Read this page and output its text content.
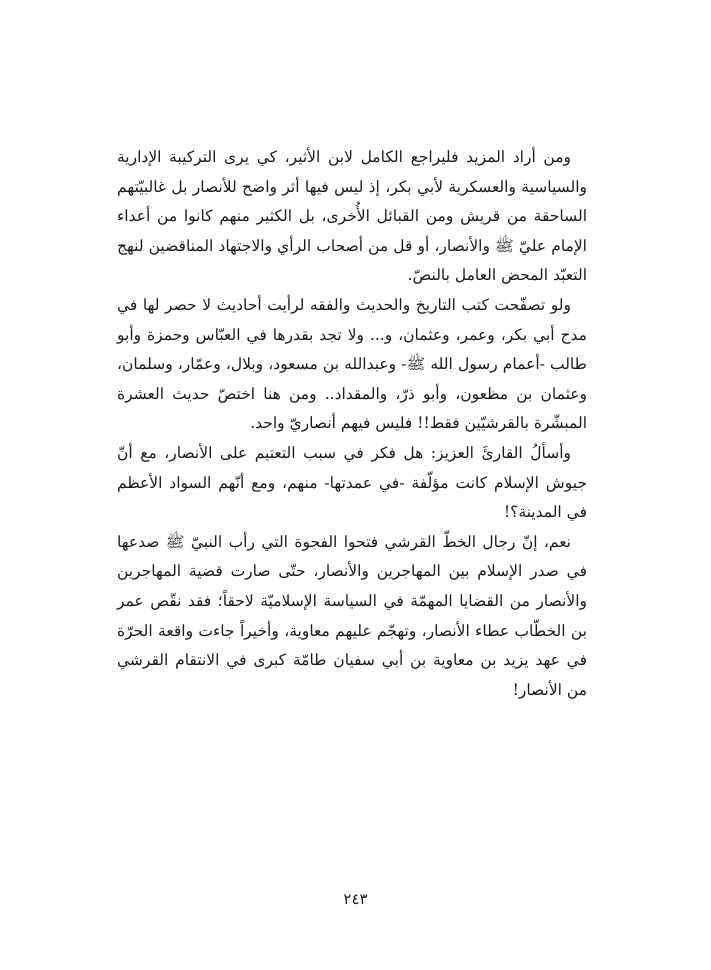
ومن أراد المزيد فليراجع الكامل لابن الأثير، كي يرى التركيبة الإدارية والسياسية والعسكرية لأبي بكر، إذ ليس فيها أثر واضح للأنصار بل غالبيّتهم الساحقة من قريش ومن القبائل الأُخرى، بل الكثير منهم كانوا من أعداء الإمام عليّ ﷺ والأنصار، أو قل من أصحاب الرأي والاجتهاد المناقضين لنهج التعبّد المحض العامل بالنصّ.

ولو تصفّحت كتب التاريخ والحديث والفقه لرأيت أحاديث لا حصر لها في مدح أبي بكر، وعمر، وعثمان، و... ولا تجد بقدرها في العبّاس وحمزة وأبو طالب -أعمام رسول الله ﷺ- وعبدالله بن مسعود، وبلال، وعمّار، وسلمان، وعثمان بن مظعون، وأبو ذرّ، والمقداد.. ومن هنا اختصّ حديث العشرة المبشّرة بالقرشيّين فقط!! فليس فيهم أنصاريّ واحد.

وأسألُ القارئَ العزيز: هل فكر في سبب التعتيم على الأنصار، مع أنّ جيوش الإسلام كانت مؤلّفة -في عمدتها- منهم، ومع أنّهم السواد الأعظم في المدينة؟!

نعم، إنّ رجال الخطّ القرشي فتحوا الفجوة التي رأب النبيّ ﷺ صدعها في صدر الإسلام بين المهاجرين والأنصار، حتّى صارت قضية المهاجرين والأنصار من القضايا المهمّة في السياسة الإسلاميّة لاحقاً؛ فقد نقّص عمر بن الخطّاب عطاء الأنصار، وتهجّم عليهم معاوية، وأخيراً جاءت واقعة الحرّة في عهد يزيد بن معاوية بن أبي سفيان طامّة كبرى في الانتقام القرشي من الأنصار!

٢٤٣
